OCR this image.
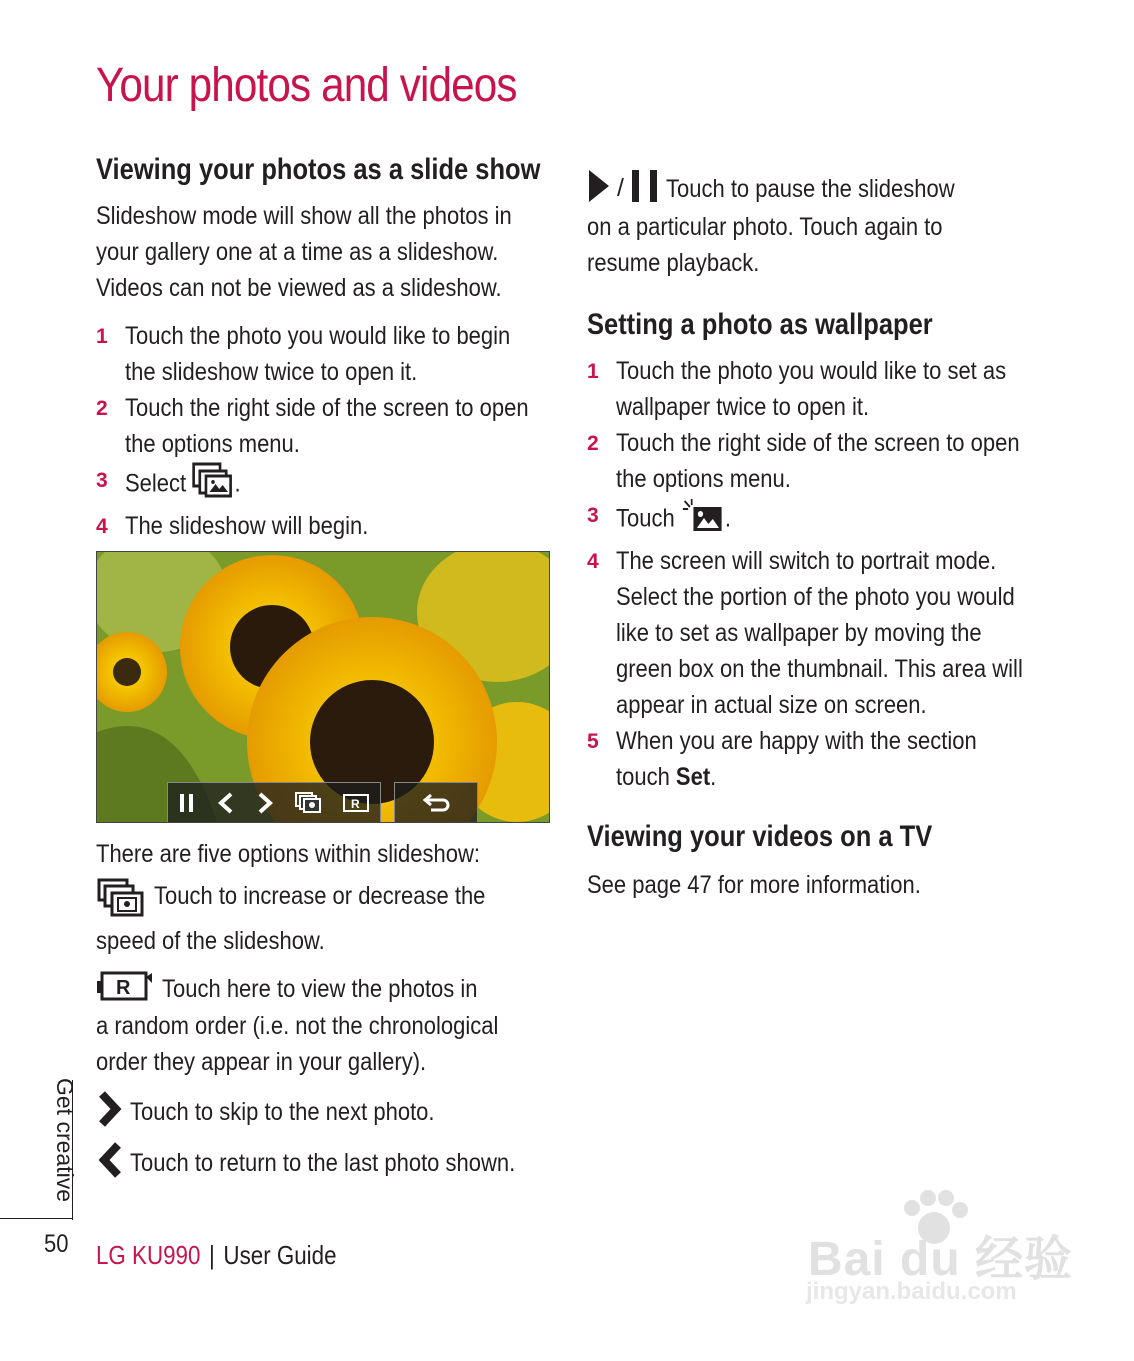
Your photos and videos
Viewing your photos as a slide show

Slideshow mode will show all the photos in

your gallery one at a time as a slideshow.

Videos can not be viewed as a slideshow.

1 Touch the photo you would like to begin
the slideshow twice to open it.
2 Touch the right side of the screen to open
the options menu.
3 Select .
4 The slideshow will begin.
R

There are five options within slideshow:

Touch to increase or decrease the

speed of the slideshow.

R Touch here to view the photos in

a random order (i.e. not the chronological

order they appear in your gallery).

Touch to skip to the next photo.

Touch to return to the last photo shown.

/ Touch to pause the slideshow

on a particular photo. Touch again to

resume playback.

Setting a photo as wallpaper
1 Touch the photo you would like to set as
wallpaper twice to open it.
2 Touch the right side of the screen to open
the options menu.
3 Touch .
4 The screen will switch to portrait mode.
Select the portion of the photo you would
like to set as wallpaper by moving the
green box on the thumbnail. This area will
appear in actual size on screen.
5 When you are happy with the section
touch Set.
Viewing your videos on a TV

See page 47 for more information.

Get creative
50 LG KU990 | User Guide	Bai du 经验
jingyan.baidu.com
